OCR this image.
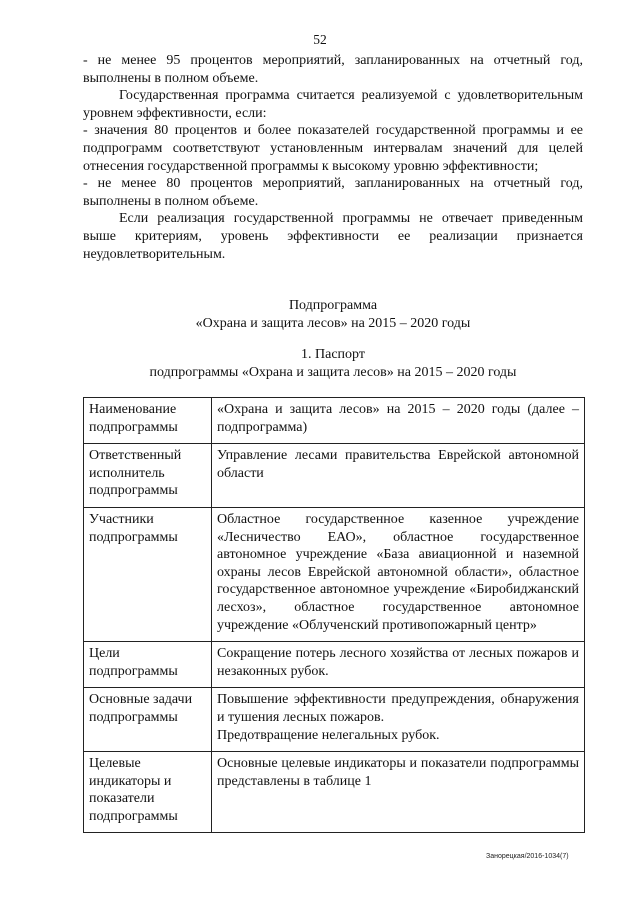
52

- не менее 95 процентов мероприятий, запланированных на отчетный год, выполнены в полном объеме.

Государственная программа считается реализуемой с удовлетворительным уровнем эффективности, если:

- значения 80 процентов и более показателей государственной программы и ее подпрограмм соответствуют установленным интервалам значений для целей отнесения государственной программы к высокому уровню эффективности;

- не менее 80 процентов мероприятий, запланированных на отчетный год, выполнены в полном объеме.

Если реализация государственной программы не отвечает приведенным выше критериям, уровень эффективности ее реализации признается неудовлетворительным.

Подпрограмма

«Охрана и защита лесов» на 2015 – 2020 годы

1. Паспорт

подпрограммы «Охрана и защита лесов» на 2015 – 2020 годы

Наименование подпрограммы	«Охрана и защита лесов» на 2015 – 2020 годы (далее – подпрограмма)
Ответственный исполнитель подпрограммы	Управление лесами правительства Еврейской автономной области
Участники подпрограммы	Областное государственное казенное учреждение «Лесничество ЕАО», областное государственное автономное учреждение «База авиационной и наземной охраны лесов Еврейской автономной области», областное государственное автономное учреждение «Биробиджанский лесхоз», областное государственное автономное учреждение «Облученский противопожарный центр»
Цели подпрограммы	Сокращение потерь лесного хозяйства от лесных пожаров и незаконных рубок.
Основные задачи подпрограммы	Повышение эффективности предупреждения, обнаружения и тушения лесных пожаров.
Предотвращение нелегальных рубок.
Целевые индикаторы и показатели подпрограммы	Основные целевые индикаторы и показатели подпрограммы представлены в таблице 1
Занорецкая/2016-1034(7)
